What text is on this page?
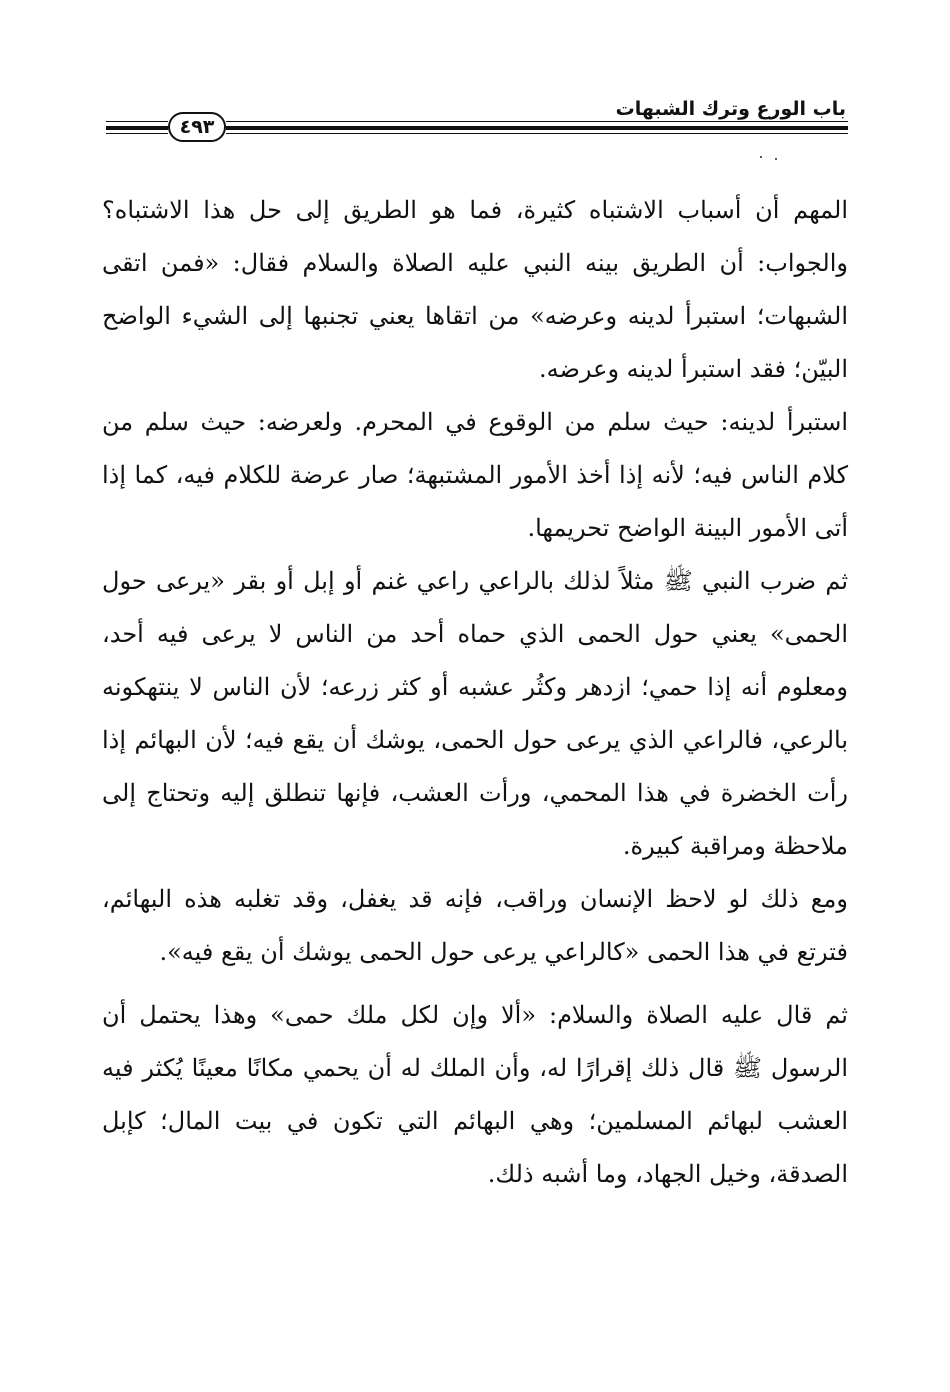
باب الورع وترك الشبهات
٤٩٣

المهم أن أسباب الاشتباه كثيرة، فما هو الطريق إلى حل هذا الاشتباه؟ والجواب: أن الطريق بينه النبي عليه الصلاة والسلام فقال: «فمن اتقى الشبهات؛ استبرأ لدينه وعرضه» من اتقاها يعني تجنبها إلى الشيء الواضح البيّن؛ فقد استبرأ لدينه وعرضه.

استبرأ لدينه: حيث سلم من الوقوع في المحرم. ولعرضه: حيث سلم من كلام الناس فيه؛ لأنه إذا أخذ الأمور المشتبهة؛ صار عرضة للكلام فيه، كما إذا أتى الأمور البينة الواضح تحريمها.

ثم ضرب النبي ﷺ مثلاً لذلك بالراعي راعي غنم أو إبل أو بقر «يرعى حول الحمى» يعني حول الحمى الذي حماه أحد من الناس لا يرعى فيه أحد، ومعلوم أنه إذا حمي؛ ازدهر وكثُر عشبه أو كثر زرعه؛ لأن الناس لا ينتهكونه بالرعي، فالراعي الذي يرعى حول الحمى، يوشك أن يقع فيه؛ لأن البهائم إذا رأت الخضرة في هذا المحمي، ورأت العشب، فإنها تنطلق إليه وتحتاج إلى ملاحظة ومراقبة كبيرة.

ومع ذلك لو لاحظ الإنسان وراقب، فإنه قد يغفل، وقد تغلبه هذه البهائم، فترتع في هذا الحمى «كالراعي يرعى حول الحمى يوشك أن يقع فيه».

ثم قال عليه الصلاة والسلام: «ألا وإن لكل ملك حمى» وهذا يحتمل أن الرسول ﷺ قال ذلك إقرارًا له، وأن الملك له أن يحمي مكانًا معينًا يُكثر فيه العشب لبهائم المسلمين؛ وهي البهائم التي تكون في بيت المال؛ كإبل الصدقة، وخيل الجهاد، وما أشبه ذلك.
